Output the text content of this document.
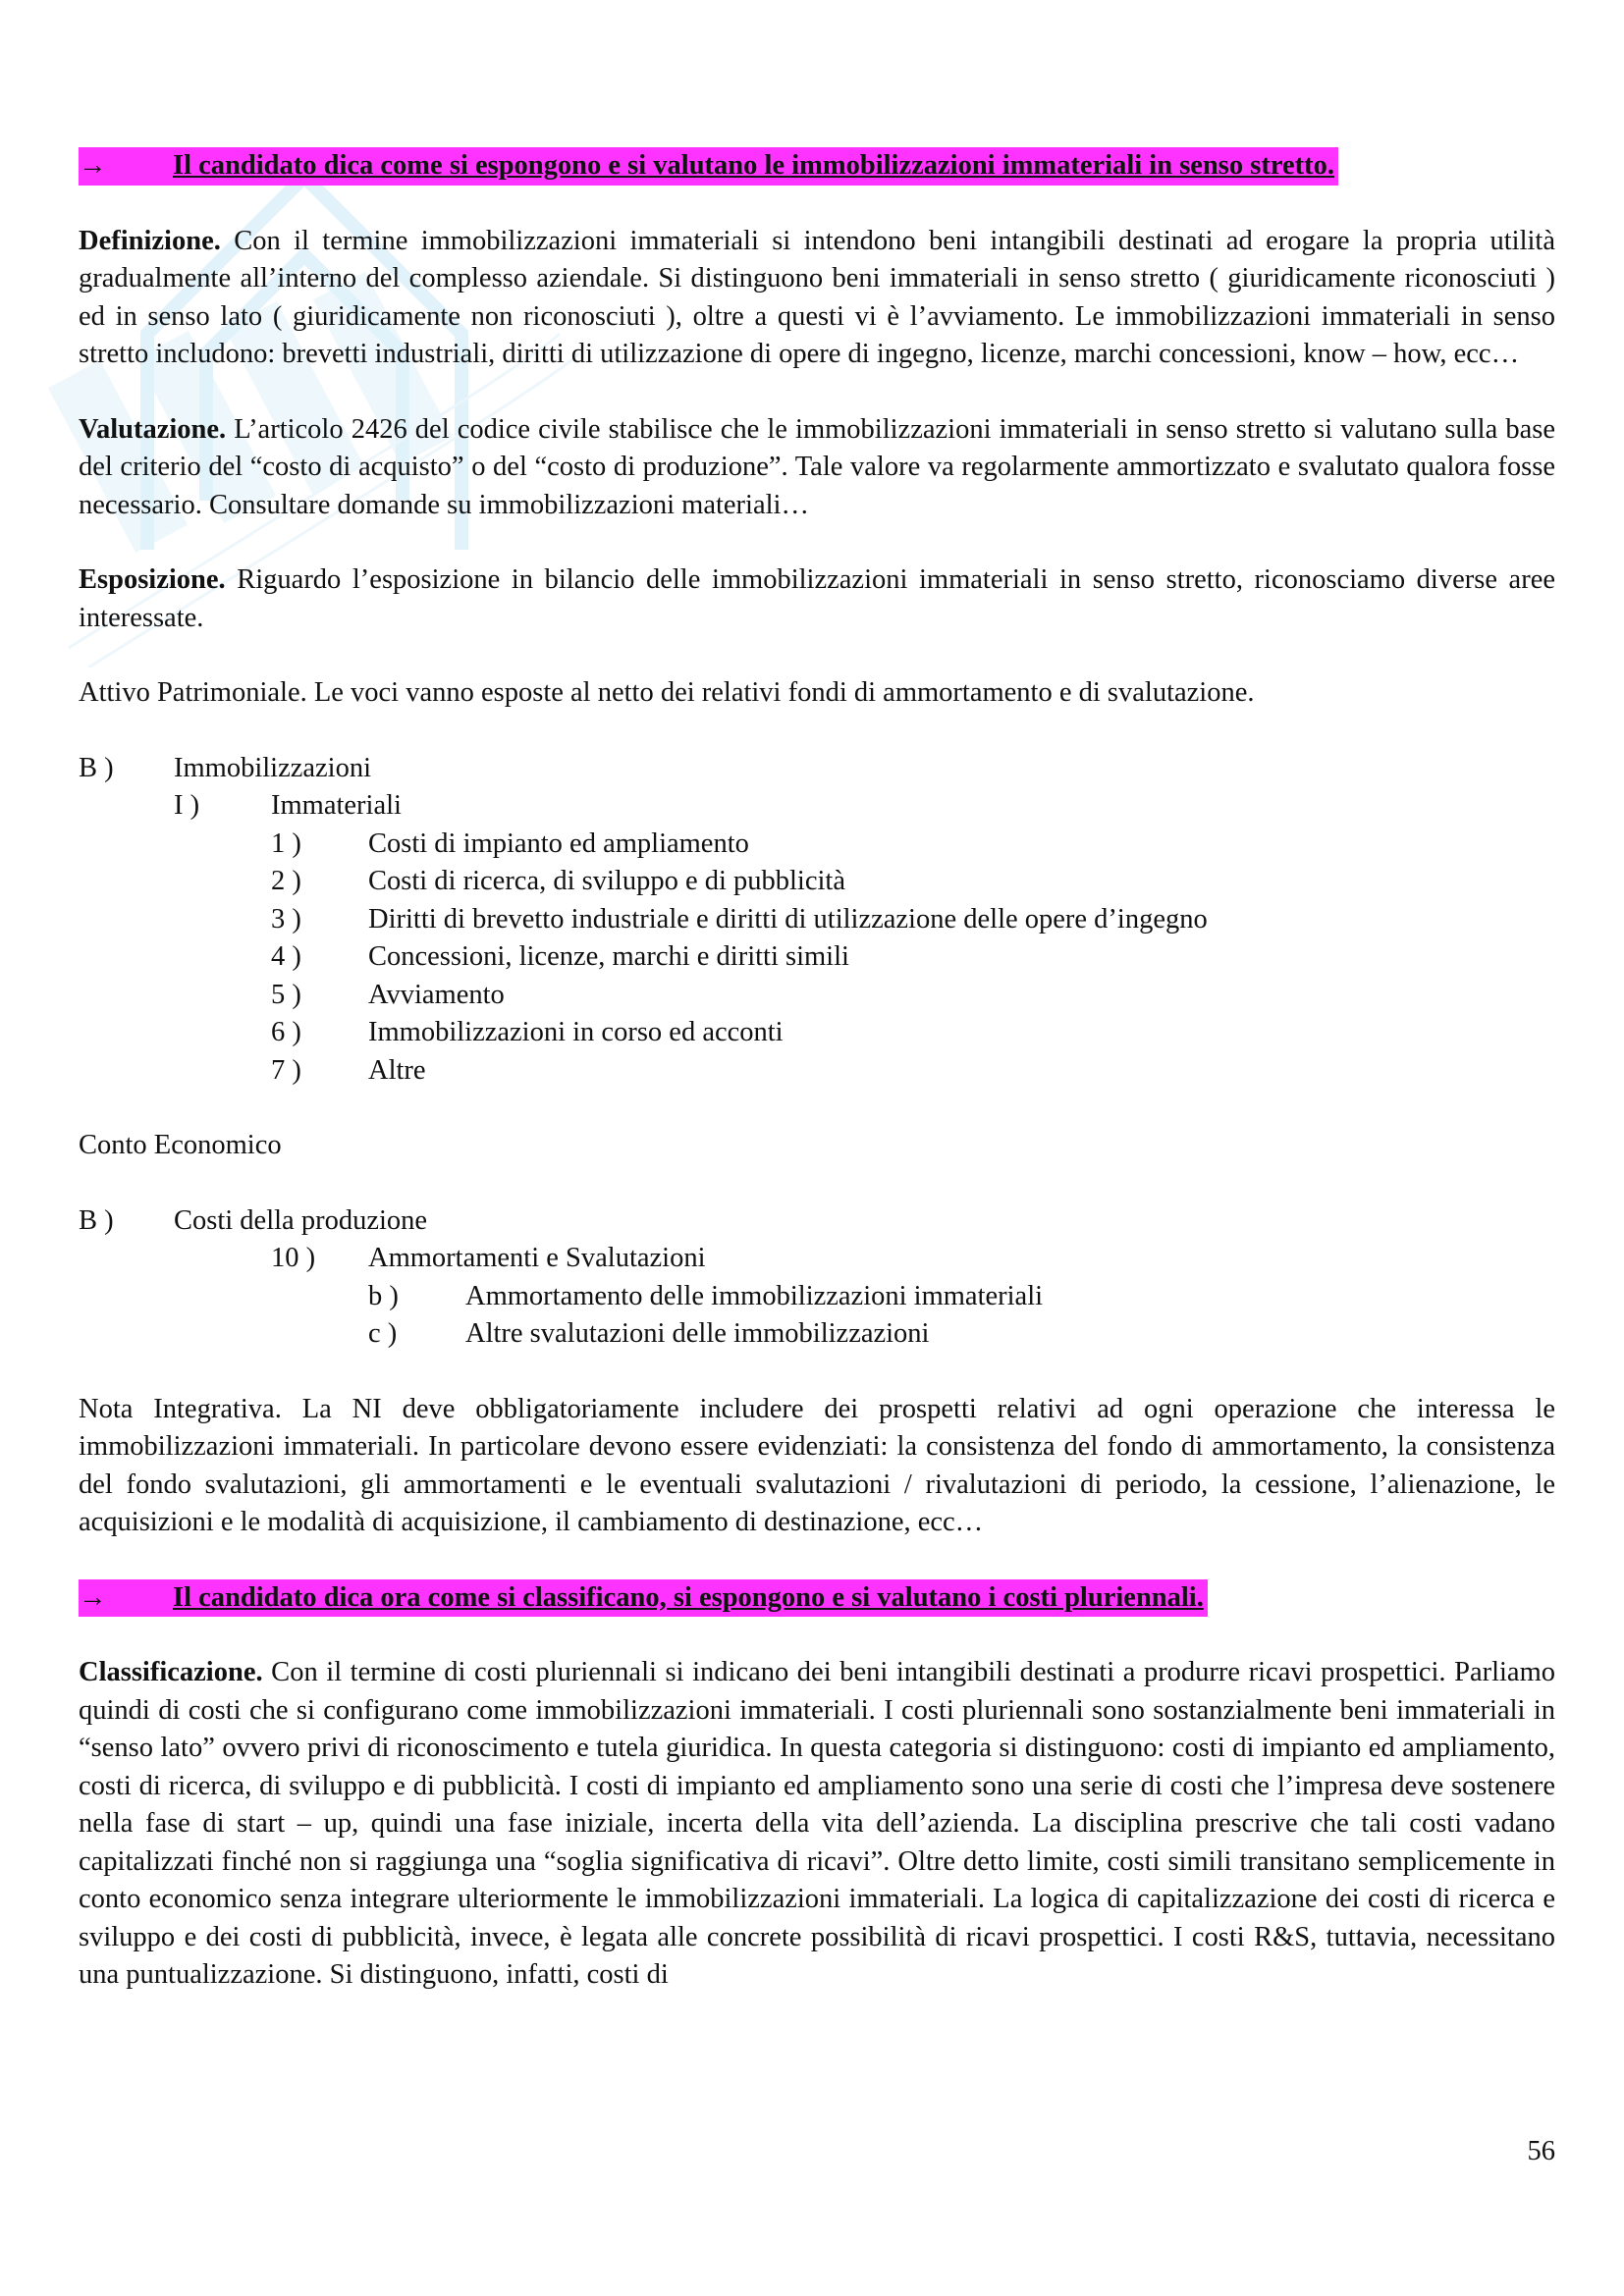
→ Il candidato dica come si espongono e si valutano le immobilizzazioni immateriali in senso stretto.

Definizione. Con il termine immobilizzazioni immateriali si intendono beni intangibili destinati ad erogare la propria utilità gradualmente all’interno del complesso aziendale. Si distinguono beni immateriali in senso stretto ( giuridicamente riconosciuti ) ed in senso lato ( giuridicamente non riconosciuti ), oltre a questi vi è l’avviamento. Le immobilizzazioni immateriali in senso stretto includono: brevetti industriali, diritti di utilizzazione di opere di ingegno, licenze, marchi concessioni, know – how, ecc…

Valutazione. L’articolo 2426 del codice civile stabilisce che le immobilizzazioni immateriali in senso stretto si valutano sulla base del criterio del “costo di acquisto” o del “costo di produzione”. Tale valore va regolarmente ammortizzato e svalutato qualora fosse necessario. Consultare domande su immobilizzazioni materiali…

Esposizione. Riguardo l’esposizione in bilancio delle immobilizzazioni immateriali in senso stretto, riconosciamo diverse aree interessate.

Attivo Patrimoniale. Le voci vanno esposte al netto dei relativi fondi di ammortamento e di svalutazione.

B ) Immobilizzazioni
I )	Immateriali
1 ) Costi di impianto ed ampliamento
2 ) Costi di ricerca, di sviluppo e di pubblicità
3 ) Diritti di brevetto industriale e diritti di utilizzazione delle opere d’ingegno
4 ) Concessioni, licenze, marchi e diritti simili
5 ) Avviamento
6 ) Immobilizzazioni in corso ed acconti
7 ) Altre

Conto Economico

B ) Costi della produzione
10 ) Ammortamenti e Svalutazioni
b ) Ammortamento delle immobilizzazioni immateriali
c ) Altre svalutazioni delle immobilizzazioni

Nota Integrativa. La NI deve obbligatoriamente includere dei prospetti relativi ad ogni operazione che interessa le immobilizzazioni immateriali. In particolare devono essere evidenziati: la consistenza del fondo di ammortamento, la consistenza del fondo svalutazioni, gli ammortamenti e le eventuali svalutazioni / rivalutazioni di periodo, la cessione, l’alienazione, le acquisizioni e le modalità di acquisizione, il cambiamento di destinazione, ecc…

→ Il candidato dica ora come si classificano, si espongono e si valutano i costi pluriennali.

Classificazione. Con il termine di costi pluriennali si indicano dei beni intangibili destinati a produrre ricavi prospettici. Parliamo quindi di costi che si configurano come immobilizzazioni immateriali. I costi pluriennali sono sostanzialmente beni immateriali in “senso lato” ovvero privi di riconoscimento e tutela giuridica. In questa categoria si distinguono: costi di impianto ed ampliamento, costi di ricerca, di sviluppo e di pubblicità. I costi di impianto ed ampliamento sono una serie di costi che l’impresa deve sostenere nella fase di start – up, quindi una fase iniziale, incerta della vita dell’azienda. La disciplina prescrive che tali costi vadano capitalizzati finché non si raggiunga una “soglia significativa di ricavi”. Oltre detto limite, costi simili transitano semplicemente in conto economico senza integrare ulteriormente le immobilizzazioni immateriali. La logica di capitalizzazione dei costi di ricerca e sviluppo e dei costi di pubblicità, invece, è legata alle concrete possibilità di ricavi prospettici. I costi R&S, tuttavia, necessitano una puntualizzazione. Si distinguono, infatti, costi di

56
